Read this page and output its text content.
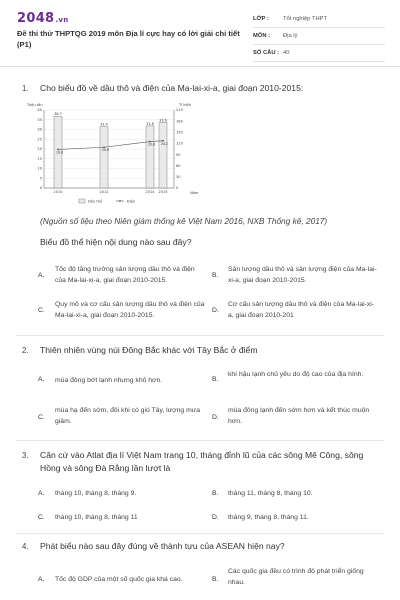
2048.vn
Đề thi thử THPTQG 2019 môn Địa lí cực hay có lời giải chi tiết (P1)
LỚP :	Tốt nghiệp THPT
MÔN :	Địa lý
SỐ CÂU : 40
1. Cho biểu đồ về dầu thô và điện của Ma-lai-xi-a, giai đoạn 2010-2015:
Triệu tấn	Tỉ kWh
Năm
0
5
10
15
20
25
30
35
40
0
30
60
90
120
150
180
210
36.7
2010
31.4
2012
31.8
2014
33.6
2015
19.8
20.9
23.8 24.2
Dầu thô	Điện
(Nguồn số liệu theo Niên giám thống kê Việt Nam 2016, NXB Thống kê, 2017)
Biểu đồ thể hiện nội dung nào sau đây?
A.
Tốc độ tăng trưởng sản lượng dầu thô và điện của Ma-lai-xi-a, giai đoạn 2010-2015.
B.
Sản lượng dầu thô và sản lượng điện của Ma-lai-xi-a, giai đoạn 2010-2015.
C.
Quy mô và cơ cấu sản lượng dầu thô và điện của Ma-lai-xi-a, giai đoạn 2010-2015.
D.
Cơ cấu sản lượng dầu thô và điện của Ma-lai-xi-a, giai đoạn 2010-201
2. Thiên nhiên vùng núi Đông Bắc khác với Tây Bắc ở điểm
A. mùa đông bớt lạnh nhưng khô hơn.	B.
khí hậu lạnh chủ yếu do độ cao của địa hình.
C.
mùa hạ đến sớm, đôi khi có gió Tây, lượng mưa giảm.
D.
mùa đông lạnh đến sớm hơn và kết thúc muộn hơn.
3. Căn cứ vào Atlat địa lí Việt Nam trang 10, tháng đỉnh lũ của các sông Mê Công, sông Hồng và sông Đà Rằng lần lượt là
A. tháng 10, tháng 8, tháng 9.	B. tháng 11, tháng 8, tháng 10.
C. tháng 10, tháng 8, tháng 11	D. tháng 9, tháng 8, tháng 11.
4. Phát biểu nào sau đây đúng về thành tựu của ASEAN hiện nay?
A. Tốc độ GDP của một số quốc gia khá cao.	B.
Các quốc gia đều có trình độ phát triển giống nhau.
